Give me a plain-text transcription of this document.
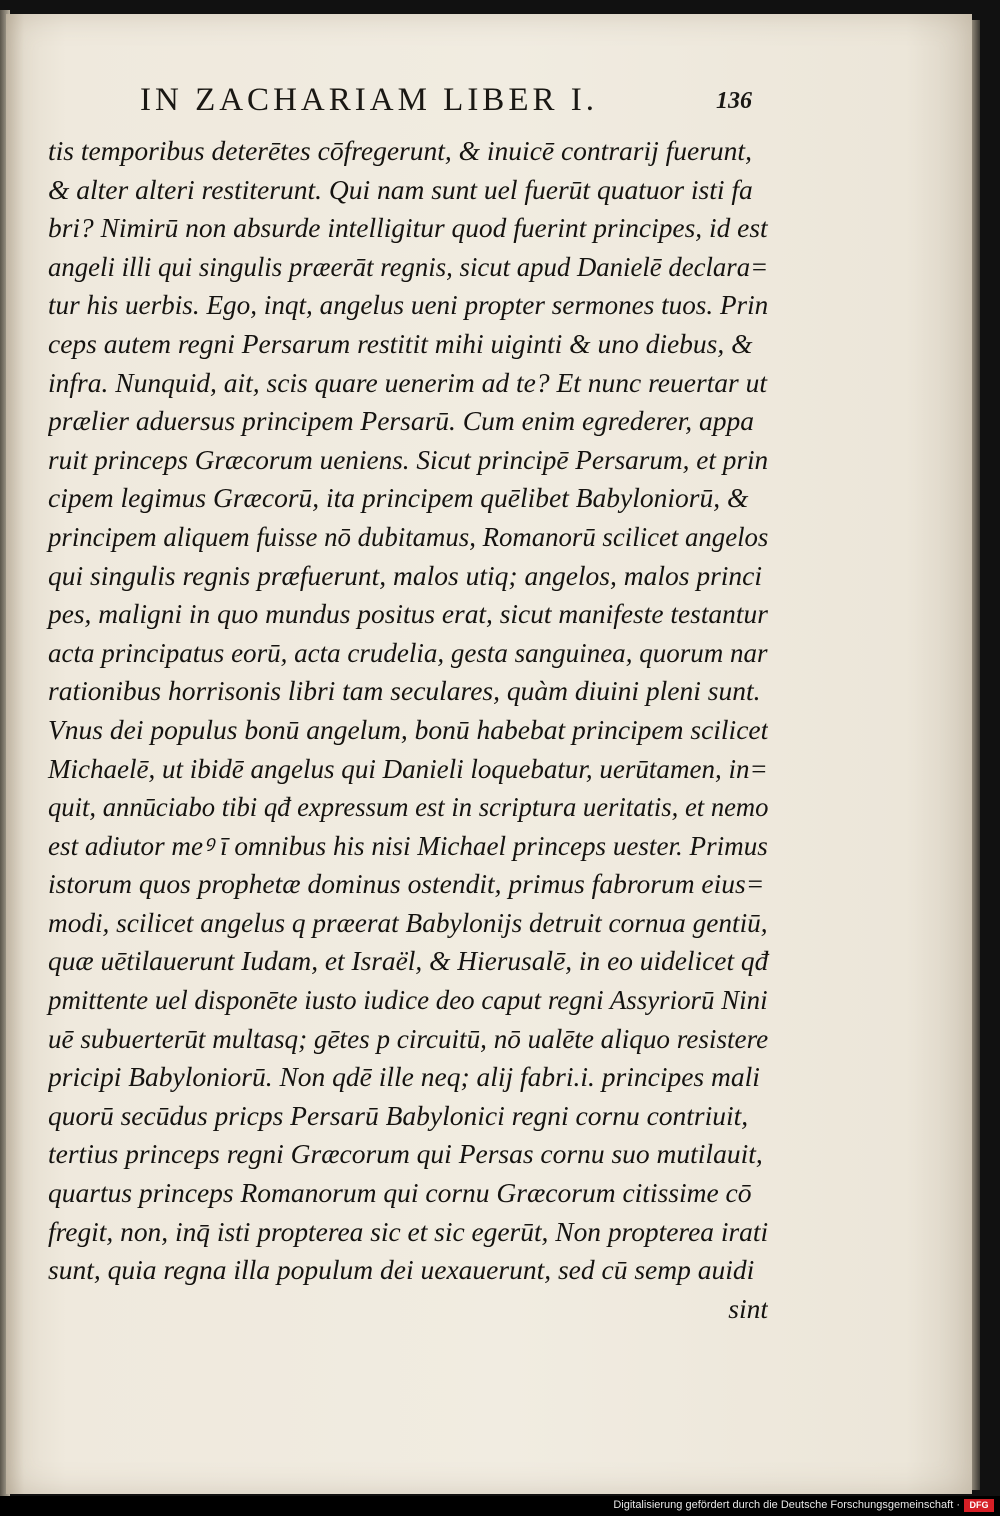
IN ZACHARIAM LIBER I.	136
tis temporibus deterētes cōfregerunt, & inuicē contrarij fuerunt,
& alter alteri restiterunt. Qui nam sunt uel fuerūt quatuor isti fa
bri? Nimirū non absurde intelligitur quod fuerint principes, id est
angeli illi qui singulis præerāt regnis, sicut apud Danielē declara=
tur his uerbis. Ego, inqt, angelus ueni propter sermones tuos. Prin
ceps autem regni Persarum restitit mihi uiginti & uno diebus, &
infra. Nunquid, ait, scis quare uenerim ad te? Et nunc reuertar ut
prælier aduersus principem Persarū. Cum enim egrederer, appa
ruit princeps Græcorum ueniens. Sicut principē Persarum, et prin
cipem legimus Græcorū, ita principem quēlibet Babyloniorū, &
principem aliquem fuisse nō dubitamus, Romanorū scilicet angelos
qui singulis regnis præfuerunt, malos utiq; angelos, malos princi
pes, maligni in quo mundus positus erat, sicut manifeste testantur
acta principatus eorū, acta crudelia, gesta sanguinea, quorum nar
rationibus horrisonis libri tam seculares, quàm diuini pleni sunt.
Vnus dei populus bonū angelum, bonū habebat principem scilicet
Michaelē, ut ibidē angelus qui Danieli loquebatur, uerūtamen, in=
quit, annūciabo tibi qđ expressum est in scriptura ueritatis, et nemo
est adiutor meꝰ ī omnibus his nisi Michael princeps uester. Primus
istorum quos prophetæ dominus ostendit, primus fabrorum eius=
modi, scilicet angelus q præerat Babylonijs detruit cornua gentiū,
quæ uētilauerunt Iudam, et Israël, & Hierusalē, in eo uidelicet qđ
pmittente uel disponēte iusto iudice deo caput regni Assyriorū Nini
uē subuerterūt multasq; gētes p circuitū, nō ualēte aliquo resistere
pricipi Babyloniorū. Non qdē ille neq; alij fabri.i. principes mali
quorū secūdus pricps Persarū Babylonici regni cornu contriuit,
tertius princeps regni Græcorum qui Persas cornu suo mutilauit,
quartus princeps Romanorum qui cornu Græcorum citissime cō
fregit, non, inq̄ isti propterea sic et sic egerūt, Non propterea irati
sunt, quia regna illa populum dei uexauerunt, sed cū semp auidi
sint
Digitalisierung gefördert durch die Deutsche Forschungsgemeinschaft ·	DFG
